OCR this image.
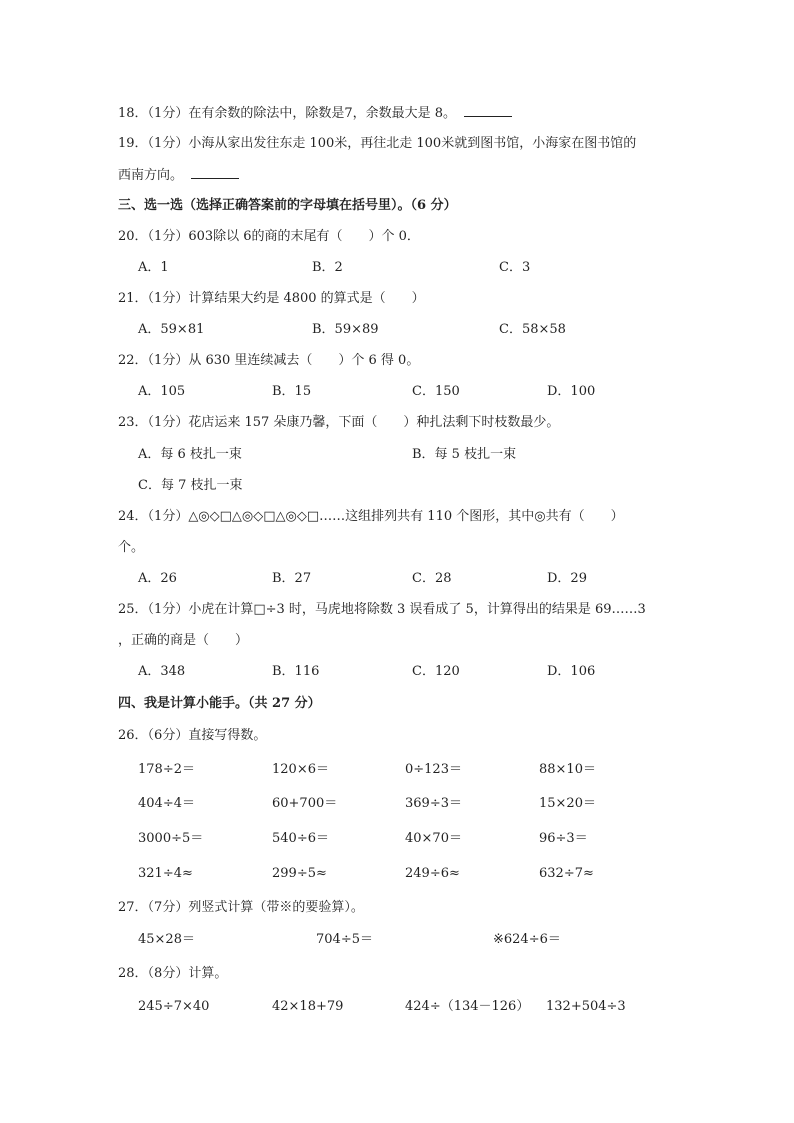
18．（1分）在有余数的除法中，除数是7，余数最大是 8。
19．（1分）小海从家出发往东走 100米，再往北走 100米就到图书馆，小海家在图书馆的
西南方向。
三、选一选（选择正确答案前的字母填在括号里）。（6 分）
20．（1分）603除以 6的商的末尾有（　　）个 0．
A．1	B．2	C．3
21．（1分）计算结果大约是 4800 的算式是（　　）
A．59×81	B．59×89	C．58×58
22．（1分）从 630 里连续减去（　　）个 6 得 0。
A．105	B．15	C．150	D．100
23．（1分）花店运来 157 朵康乃馨，下面（　　）种扎法剩下时枝数最少。
A．每 6 枝扎一束	B．每 5 枝扎一束
C．每 7 枝扎一束
24．（1分）△◎◇□△◎◇□△◎◇□……这组排列共有 110 个图形，其中◎共有（　　）
个。
A．26	B．27	C．28	D．29
25．（1分）小虎在计算□÷3 时，马虎地将除数 3 误看成了 5，计算得出的结果是 69……3
，正确的商是（　　）
A．348	B．116	C．120	D．106
四、我是计算小能手。（共 27 分）
26．（6分）直接写得数。
178÷2＝	120×6＝	0÷123＝	88×10＝
404÷4＝	60+700＝	369÷3＝	15×20＝
3000÷5＝	540÷6＝	40×70＝	96÷3＝
321÷4≈	299÷5≈	249÷6≈	632÷7≈
27．（7分）列竖式计算（带※的要验算）。
45×28＝	704÷5＝	※624÷6＝
28．（8分）计算。
245÷7×40	42×18+79	424÷（134－126） 132+504÷3
